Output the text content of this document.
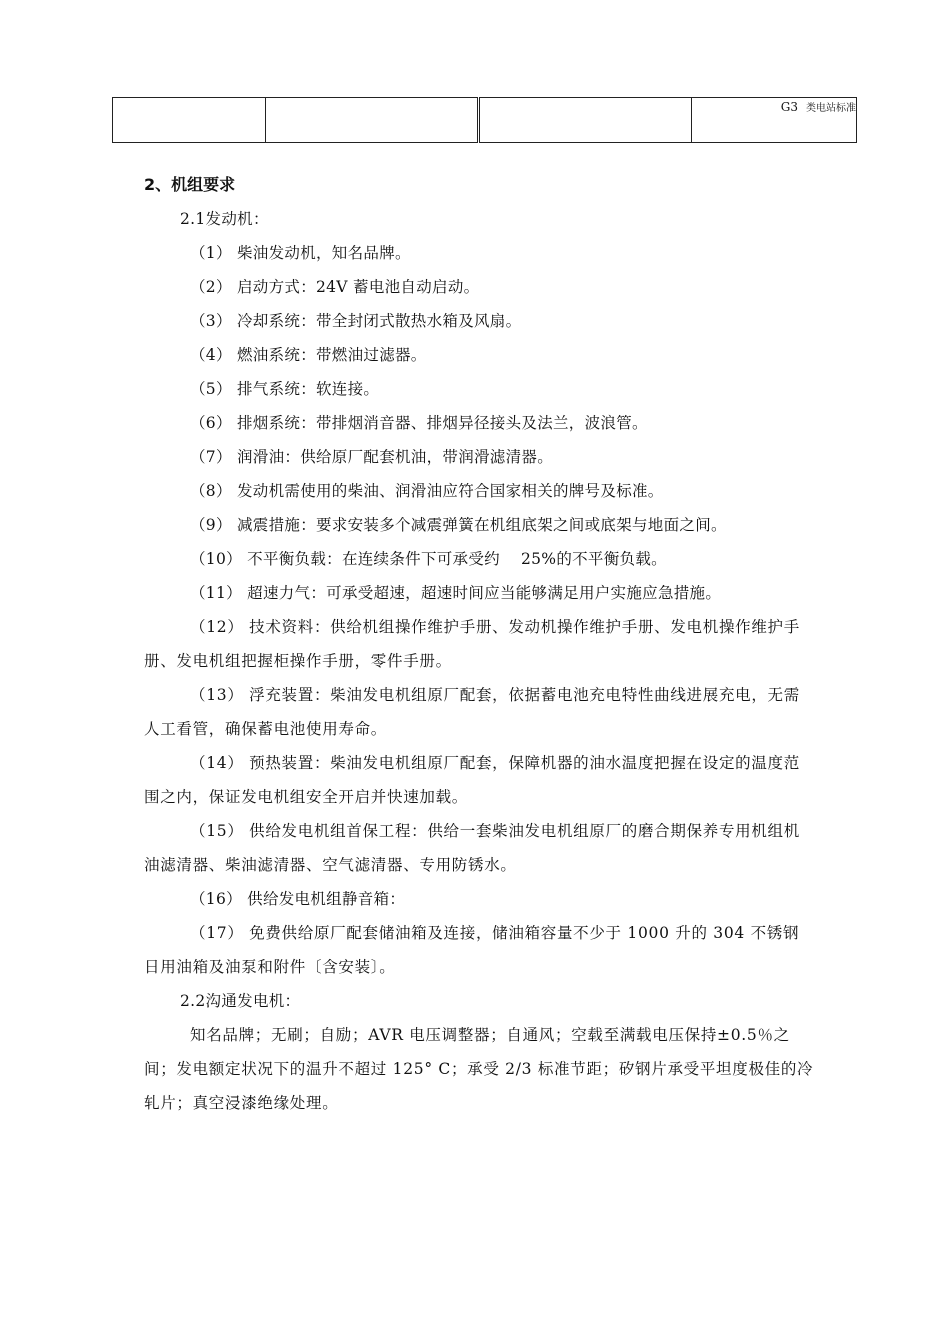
			G3 类电站标准

2、机组要求

2.1发动机：

（1） 柴油发动机，知名品牌。

（2） 启动方式：24V 蓄电池自动启动。

（3） 冷却系统：带全封闭式散热水箱及风扇。

（4） 燃油系统：带燃油过滤器。

（5） 排气系统：软连接。

（6） 排烟系统：带排烟消音器、排烟异径接头及法兰，波浪管。

（7） 润滑油：供给原厂配套机油，带润滑滤清器。

（8） 发动机需使用的柴油、润滑油应符合国家相关的牌号及标准。

（9） 减震措施：要求安装多个减震弹簧在机组底架之间或底架与地面之间。

（10） 不平衡负载：在连续条件下可承受约　 25%的不平衡负载。

（11） 超速力气：可承受超速，超速时间应当能够满足用户实施应急措施。

（12） 技术资料：供给机组操作维护手册、发动机操作维护手册、发电机操作维护手册、发电机组把握柜操作手册，零件手册。

（13） 浮充装置：柴油发电机组原厂配套，依据蓄电池充电特性曲线进展充电，无需人工看管，确保蓄电池使用寿命。

（14） 预热装置：柴油发电机组原厂配套，保障机器的油水温度把握在设定的温度范围之内，保证发电机组安全开启并快速加载。

（15） 供给发电机组首保工程：供给一套柴油发电机组原厂的磨合期保养专用机组机油滤清器、柴油滤清器、空气滤清器、专用防锈水。

（16） 供给发电机组静音箱：

（17） 免费供给原厂配套储油箱及连接，储油箱容量不少于 1000 升的 304 不锈钢日用油箱及油泵和附件〔含安装〕。

2.2沟通发电机：

知名品牌；无刷；自励；AVR 电压调整器；自通风；空载至满载电压保持±0.5％之间；发电额定状况下的温升不超过 125° C；承受 2/3 标准节距；矽钢片承受平坦度极佳的冷轧片；真空浸漆绝缘处理。
